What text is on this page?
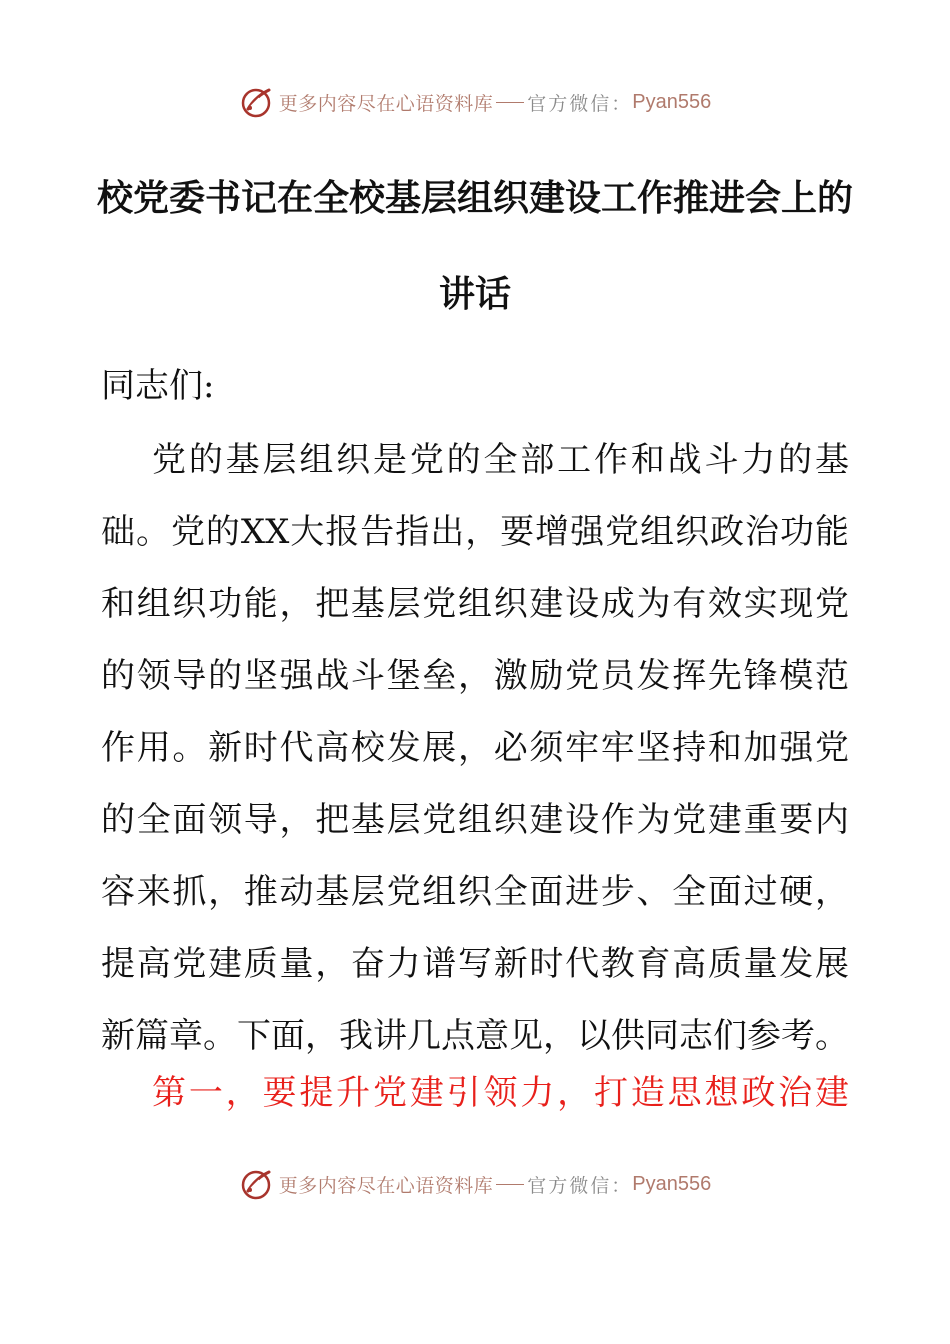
更多内容尽在心语资料库 官方微信： Pyan556
校党委书记在全校基层组织建设工作推进会上的
讲话
同志们:
党的基层组织是党的全部工作和战斗力的基
础。党的XX大报告指出，要增强党组织政治功能
和组织功能，把基层党组织建设成为有效实现党
的领导的坚强战斗堡垒，激励党员发挥先锋模范
作用。新时代高校发展，必须牢牢坚持和加强党
的全面领导，把基层党组织建设作为党建重要内
容来抓，推动基层党组织全面进步、全面过硬，
提高党建质量，奋力谱写新时代教育高质量发展
新篇章。下面，我讲几点意见，以供同志们参考。
第一，要提升党建引领力，打造思想政治建
更多内容尽在心语资料库 官方微信： Pyan556
